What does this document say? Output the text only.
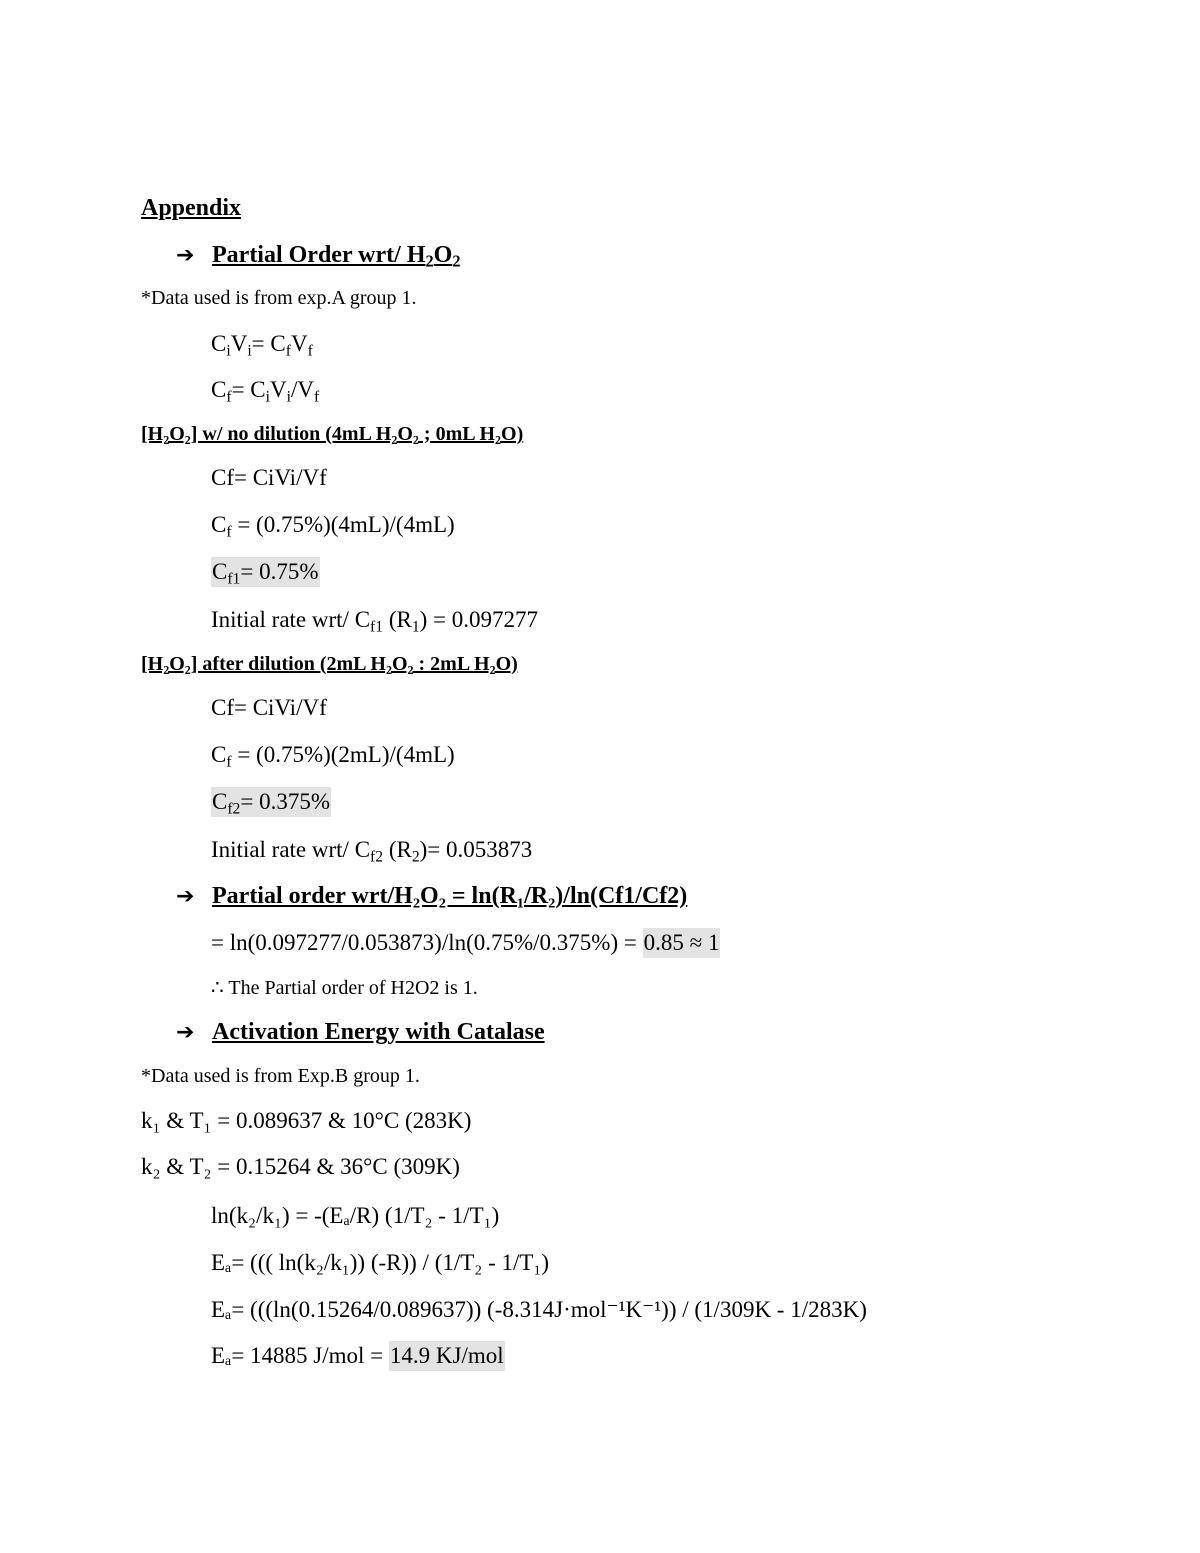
Appendix
➔ Partial Order wrt/ $H_2O_2$
*Data used is from exp.A group 1.
$C_iV_i= C_fV_f$
$C_f= C_iV_i/V_f$
[H₂O₂] w/ no dilution (4mL H₂O₂ ; 0mL H₂O)
Cf= CiVi/Vf
$C_f = (0.75\%)(4mL)/(4mL)$
$C_{f1}= 0.75\%$
Initial rate wrt/ $C_{f1}$ $(R_1) = 0.097277$
[H₂O₂] after dilution (2mL H₂O₂ : 2mL H₂O)
Cf= CiVi/Vf
$C_f = (0.75\%)(2mL)/(4mL)$
$C_{f2}= 0.375\%$
Initial rate wrt/ $C_{f2}$ $(R_2)= 0.053873$
➔ Partial order wrt/H₂O₂ = ln(R₁/R₂)/ln(Cf1/Cf2)
= ln(0.097277/0.053873)/ln(0.75%/0.375%) = 0.85 ≈ 1
∴ The Partial order of H2O2 is 1.
➔ Activation Energy with Catalase
*Data used is from Exp.B group 1.
k₁ & T₁ = 0.089637 & 10°C (283K)
k₂ & T₂ = 0.15264 & 36°C (309K)
ln(k₂/k₁) = -(Eₐ/R) (1/T₂ - 1/T₁)
Eₐ= ((( ln(k₂/k₁)) (-R)) / (1/T₂ - 1/T₁)
Eₐ= (((ln(0.15264/0.089637)) (-8.314J·mol⁻¹K⁻¹)) / (1/309K - 1/283K)
Eₐ= 14885 J/mol = 14.9 KJ/mol
